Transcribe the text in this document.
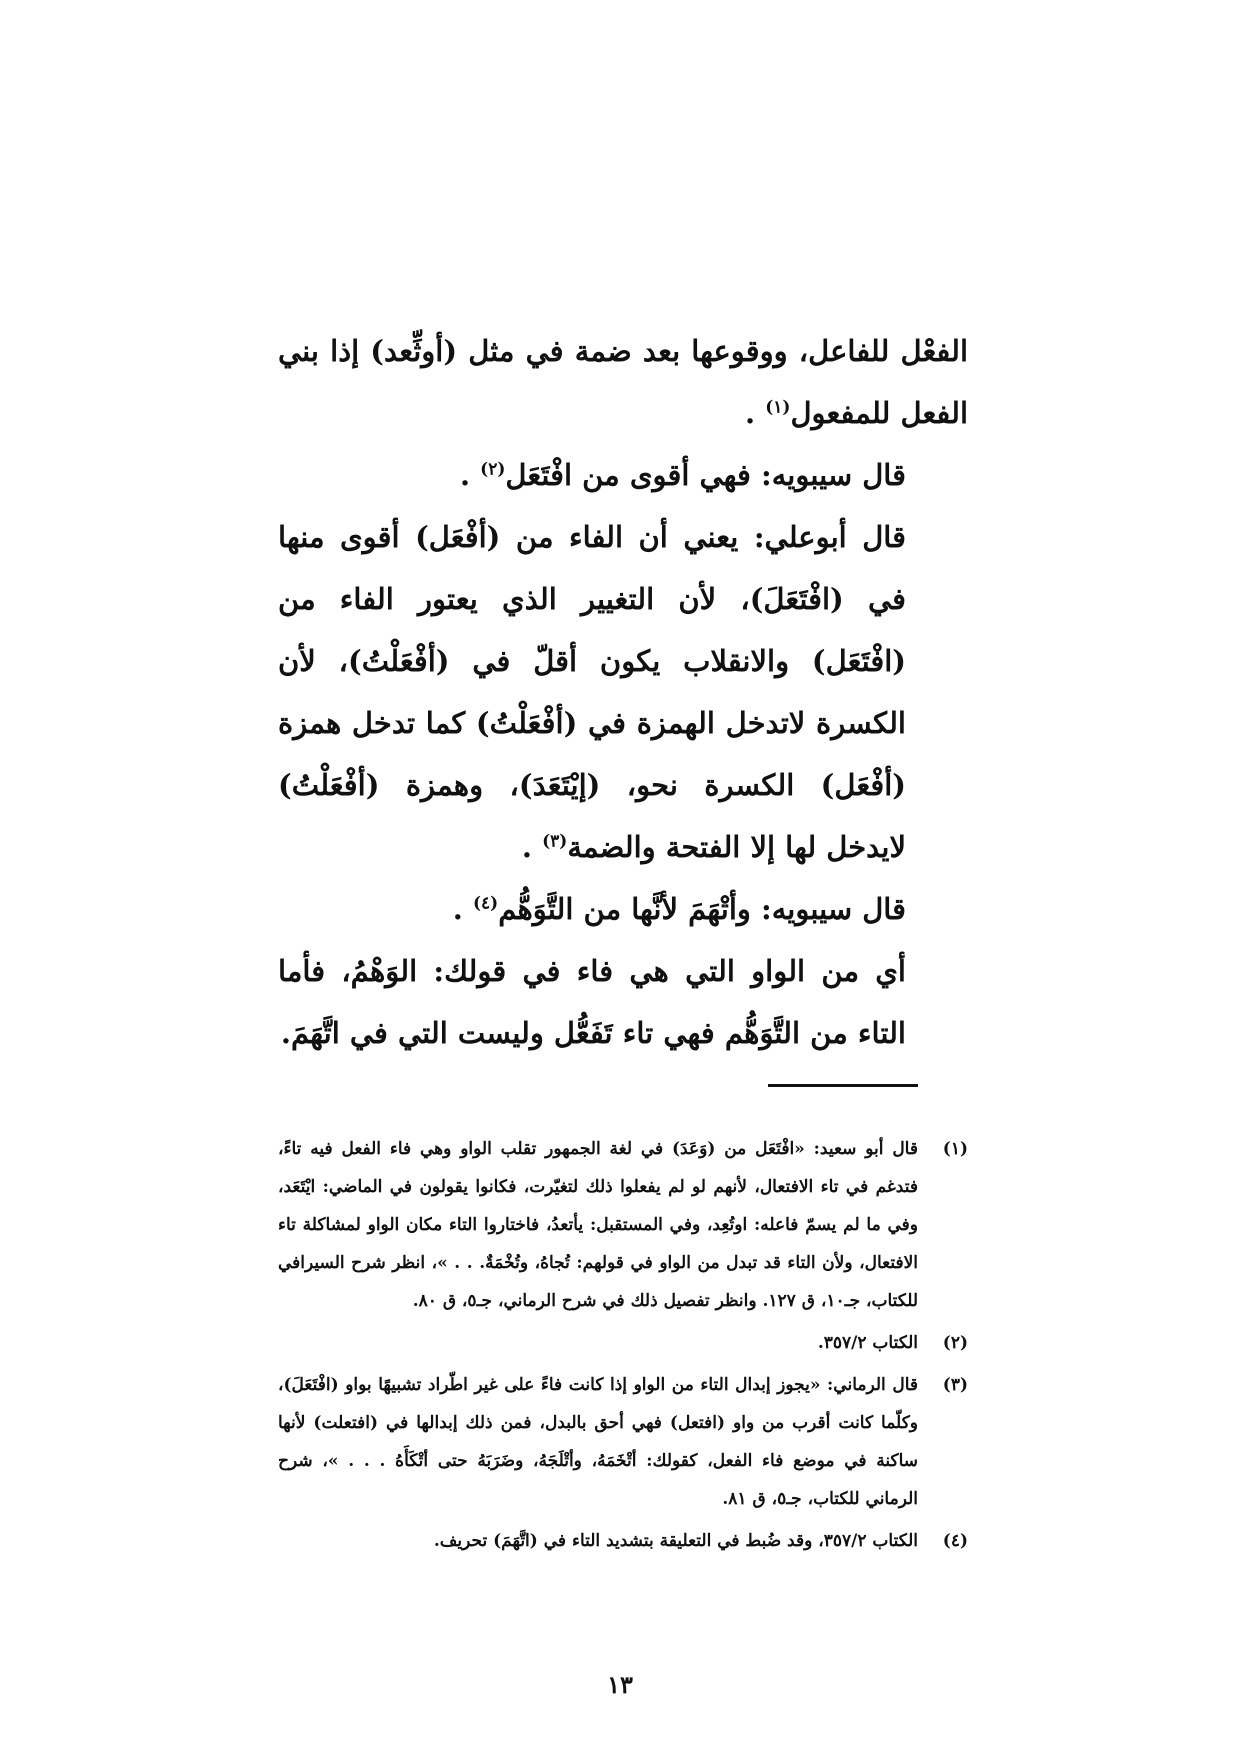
الفعْل للفاعل، ووقوعها بعد ضمة في مثل (أوثِّعد) إذا بني الفعل للمفعول$^{(١)}$ .

قال سيبويه: فهي أقوى من افْتَعَل$^{(٢)}$ .

قال أبوعلي: يعني أن الفاء من (أفْعَل) أقوى منها في (افْتَعَلَ)، لأن التغيير الذي يعتور الفاء من (افْتَعَل) والانقلاب يكون أقلّ في (أفْعَلْتُ)، لأن الكسرة لاتدخل الهمزة في (أفْعَلْتُ) كما تدخل همزة (أفْعَل) الكسرة نحو، (إيْتَعَدَ)، وهمزة (أفْعَلْتُ) لايدخل لها إلا الفتحة والضمة$^{(٣)}$ .

قال سيبويه: وأتْهَمَ لأنَّها من التَّوَهُّم$^{(٤)}$ .

أي من الواو التي هي فاء في قولك: الوَهْمُ، فأما التاء من التَّوَهُّم فهي تاء تَفَعُّل وليست التي في اتَّهَمَ.

(١)
قال أبو سعيد: «افْتَعَل من (وَعَدَ) في لغة الجمهور تقلب الواو وهي فاء الفعل فيه تاءً، فتدغم في تاء الافتعال، لأنهم لو لم يفعلوا ذلك لتغيّرت، فكانوا يقولون في الماضي: ايْتَعَد، وفي ما لم يسمّ فاعله: اوتُعِد، وفي المستقبل: يأتعدُ، فاختاروا التاء مكان الواو لمشاكلة تاء الافتعال، ولأن التاء قد تبدل من الواو في قولهم: تُجاهُ، وتُخْمَةٌ. . . »، انظر شرح السيرافي للكتاب، جـ١٠، ق ١٢٧. وانظر تفصيل ذلك في شرح الرماني، جـ٥، ق ٨٠.
(٢)
الكتاب ٣٥٧/٢.
(٣)
قال الرماني: «يجوز إبدال التاء من الواو إذا كانت فاءً على غير اطّراد تشبيهًا بواو (افْتَعَلَ)، وكلّما كانت أقرب من واو (افتعل) فهي أحق بالبدل، فمن ذلك إبدالها في (افتعلت) لأنها ساكنة في موضع فاء الفعل، كقولك: أتْخَمَهُ، وأتْلَجَهُ، وضَرَبَهُ حتى أتْكَأَهُ . . . »، شرح الرماني للكتاب، جـ٥، ق ٨١.
(٤)
الكتاب ٣٥٧/٢، وقد ضُبط في التعليقة بتشديد التاء في (اتَّهَمَ) تحريف.
١٣
